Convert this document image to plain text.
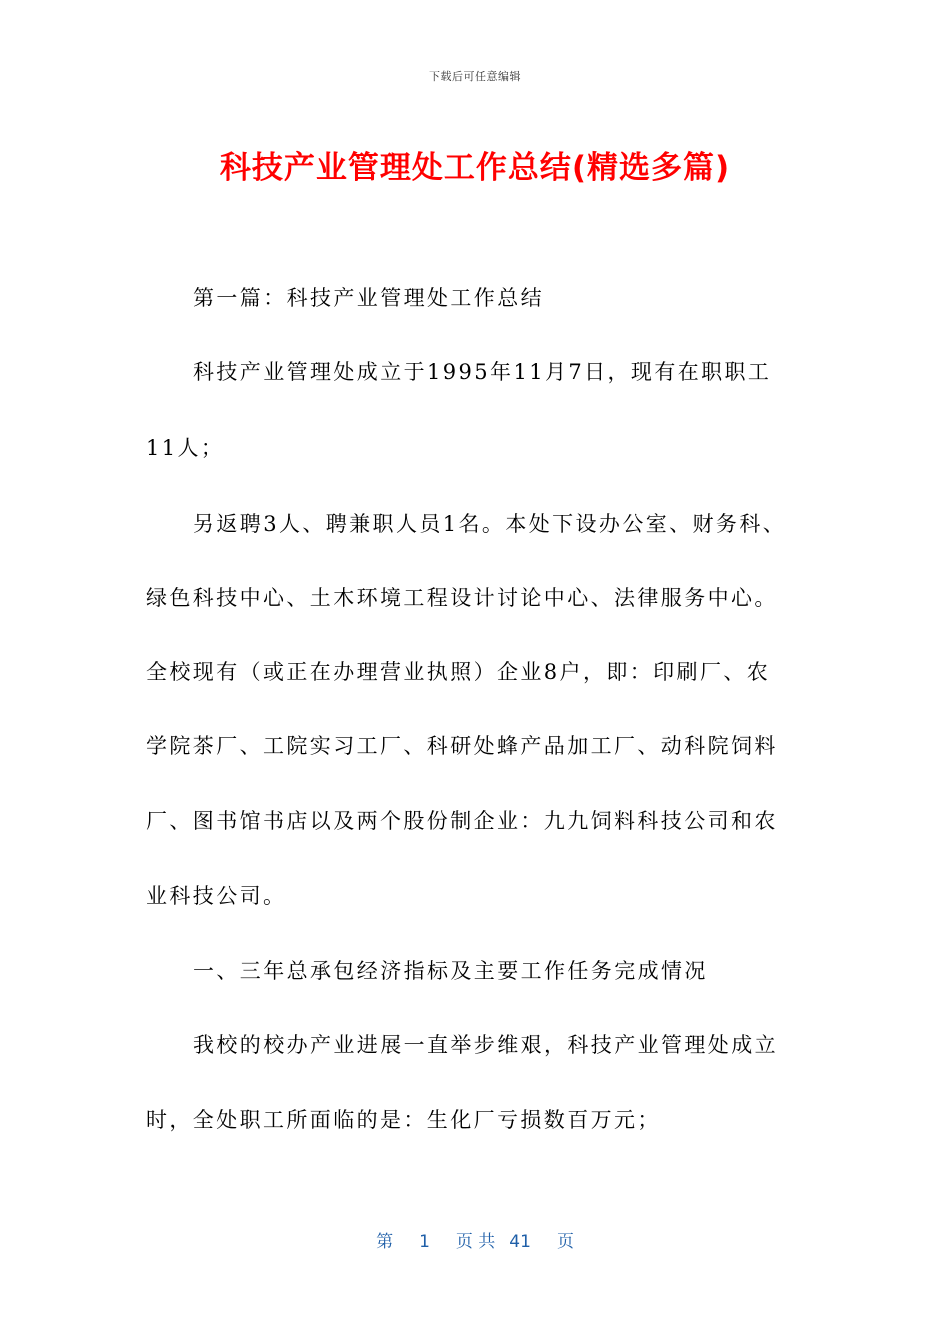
下载后可任意编辑
科技产业管理处工作总结(精选多篇)
第一篇：科技产业管理处工作总结
科技产业管理处成立于1995年11月7日，现有在职职工
11人；
另返聘3人、聘兼职人员1名。本处下设办公室、财务科、
绿色科技中心、土木环境工程设计讨论中心、法律服务中心。
全校现有（或正在办理营业执照）企业8户，即：印刷厂、农
学院茶厂、工院实习工厂、科研处蜂产品加工厂、动科院饲料
厂、图书馆书店以及两个股份制企业：九九饲料科技公司和农
业科技公司。
一、三年总承包经济指标及主要工作任务完成情况
我校的校办产业进展一直举步维艰，科技产业管理处成立
时，全处职工所面临的是：生化厂亏损数百万元；
第 1 页 共 41 页
